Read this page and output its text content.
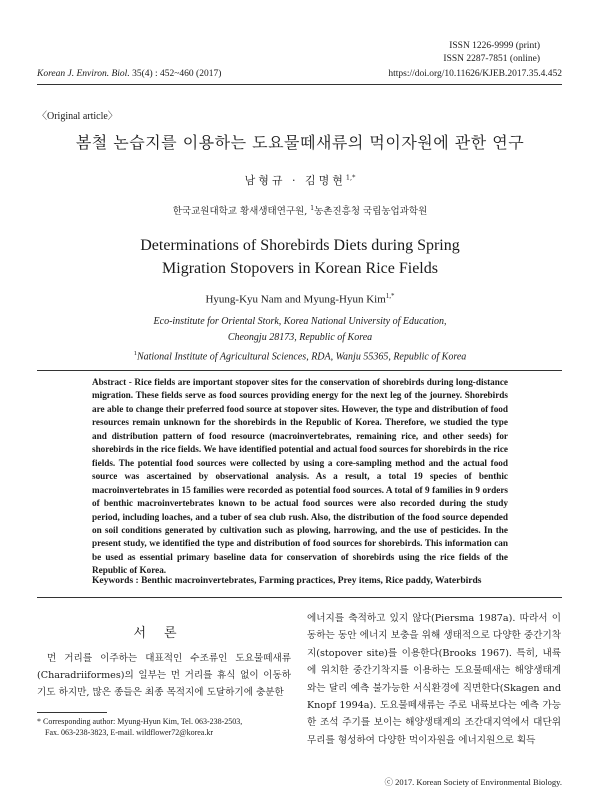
ISSN 1226-9999 (print)
ISSN 2287-7851 (online)
Korean J. Environ. Biol. 35(4) : 452~460 (2017)	https://doi.org/10.11626/KJEB.2017.35.4.452
〈Original article〉
봄철 논습지를 이용하는 도요물떼새류의 먹이자원에 관한 연구
남형규 · 김명현$^{1,*}$
한국교원대학교 황새생태연구원, $^1$농촌진흥청 국립농업과학원
Determinations of Shorebirds Diets during Spring
Migration Stopovers in Korean Rice Fields
Hyung-Kyu Nam and Myung-Hyun Kim$^{1,*}$
Eco-institute for Oriental Stork, Korea National University of Education,
Cheongju 28173, Republic of Korea
$^1$National Institute of Agricultural Sciences, RDA, Wanju 55365, Republic of Korea
Abstract - Rice fields are important stopover sites for the conservation of shorebirds during long-distance migration. These fields serve as food sources providing energy for the next leg of the journey. Shorebirds are able to change their preferred food source at stopover sites. However, the type and distribution of food resources remain unknown for the shorebirds in the Republic of Korea. Therefore, we studied the type and distribution pattern of food resource (macroinvertebrates, remaining rice, and other seeds) for shorebirds in the rice fields. We have identified potential and actual food sources for shorebirds in the rice fields. The potential food sources were collected by using a core-sampling method and the actual food source was ascertained by observational analysis. As a result, a total 19 species of benthic macroinvertebrates in 15 families were recorded as potential food sources. A total of 9 families in 9 orders of benthic macroinvertebrates known to be actual food sources were also recorded during the study period, including loaches, and a tuber of sea club rush. Also, the distribution of the food source depended on soil conditions generated by cultivation such as plowing, harrowing, and the use of pesticides. In the present study, we identified the type and distribution of food sources for shorebirds. This information can be used as essential primary baseline data for conservation of shorebirds using the rice fields of the Republic of Korea.
Keywords : Benthic macroinvertebrates, Farming practices, Prey items, Rice paddy, Waterbirds
서론
먼 거리를 이주하는 대표적인 수조류인 도요물떼새류(Charadriiformes)의 일부는 먼 거리를 휴식 없이 이동하기도 하지만, 많은 종들은 최종 목적지에 도달하기에 충분한
에너지를 축적하고 있지 않다(Piersma 1987a). 따라서 이동하는 동안 에너지 보충을 위해 생태적으로 다양한 중간기착지(stopover site)를 이용한다(Brooks 1967). 특히, 내륙에 위치한 중간기착지를 이용하는 도요물떼새는 해양생태계와는 달리 예측 불가능한 서식환경에 직면한다(Skagen and Knopf 1994a). 도요물떼새류는 주로 내륙보다는 예측 가능한 조석 주기를 보이는 해양생태계의 조간대지역에서 대단위 무리를 형성하여 다양한 먹이자원을 에너지원으로 획득
* Corresponding author: Myung-Hyun Kim, Tel. 063-238-2503,
Fax. 063-238-3823, E-mail. wildflower72@korea.kr
ⓒ 2017. Korean Society of Environmental Biology.
